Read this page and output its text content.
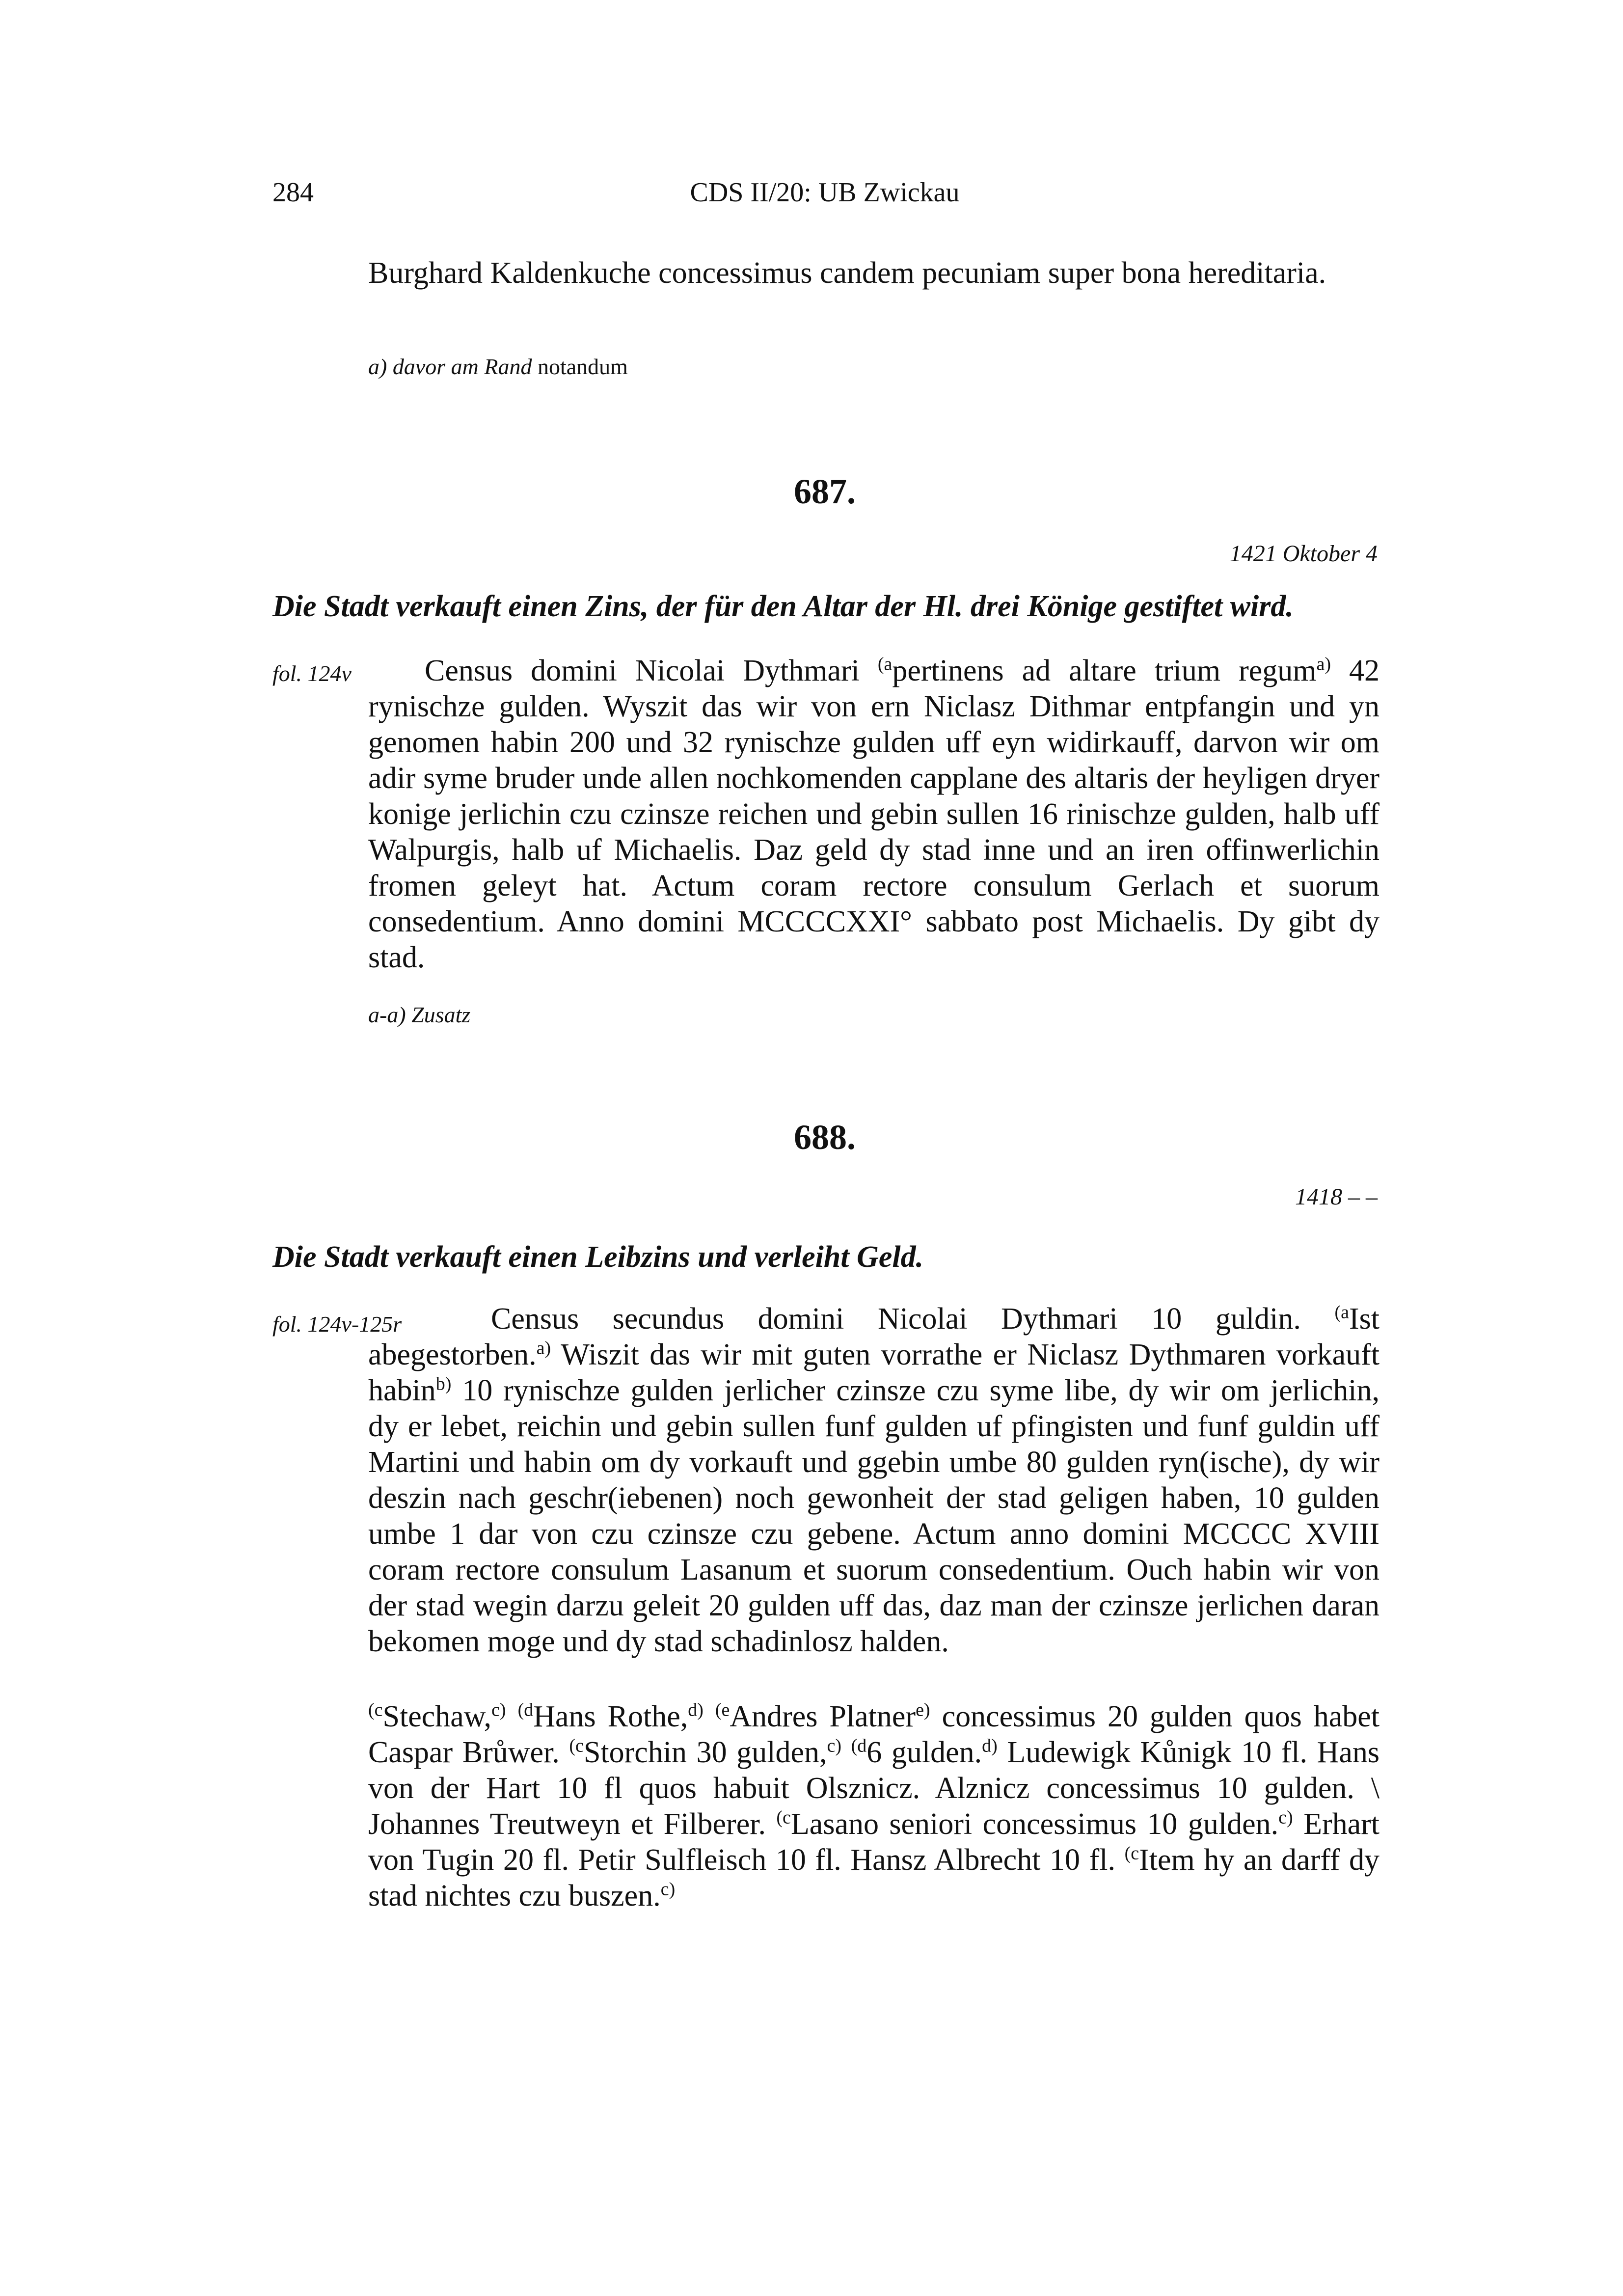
284	CDS II/20: UB Zwickau
Burghard Kaldenkuche concessimus candem pecuniam super bona hereditaria.
a) davor am Rand notandum
687.
1421 Oktober 4
Die Stadt verkauft einen Zins, der für den Altar der Hl. drei Könige gestiftet wird.
fol. 124v	Census domini Nicolai Dythmari $^{(a}$pertinens ad altare trium regum$^{a)}$ 42 rynischze gulden. Wyszit das wir von ern Niclasz Dithmar entpfangin und yn genomen habin 200 und 32 rynischze gulden uff eyn widirkauff, darvon wir om adir syme bruder unde allen nochkomenden capplane des altaris der heyligen dryer konige jerlichin czu czinsze reichen und gebin sullen 16 rinischze gulden, halb uff Walpurgis, halb uf Michaelis. Daz geld dy stad inne und an iren offinwerlichin fromen geleyt hat. Actum coram rectore consulum Gerlach et suorum consedentium. Anno domini MCCCCXXI° sabbato post Michaelis. Dy gibt dy stad.
a-a) Zusatz
688.
1418 – –
Die Stadt verkauft einen Leibzins und verleiht Geld.
fol. 124v-125r	Census secundus domini Nicolai Dythmari 10 guldin. $^{(a}$Ist abegestorben.$^{a)}$ Wiszit das wir mit guten vorrathe er Niclasz Dythmaren vorkauft habin$^{b)}$ 10 rynischze gulden jerlicher czinsze czu syme libe, dy wir om jerlichin, dy er lebet, reichin und gebin sullen funf gulden uf pfingisten und funf guldin uff Martini und habin om dy vorkauft und ggebin umbe 80 gulden ryn(ische), dy wir deszin nach geschr(iebenen) noch gewonheit der stad geligen haben, 10 gulden umbe 1 dar von czu czinsze czu gebene. Actum anno domini MCCCC XVIII coram rectore consulum Lasanum et suorum consedentium. Ouch habin wir von der stad wegin darzu geleit 20 gulden uff das, daz man der czinsze jerlichen daran bekomen moge und dy stad schadinlosz halden.
$^{(c}$Stechaw,$^{c)}$ $^{(d}$Hans Rothe,$^{d)}$ $^{(e}$Andres Platner$^{e)}$ concessimus 20 gulden quos habet Caspar Brůwer. $^{(c}$Storchin 30 gulden,$^{c)}$ $^{(d}$6 gulden.$^{d)}$ Ludewigk Kůnigk 10 fl. Hans von der Hart 10 fl quos habuit Olsznicz. Alznicz concessimus 10 gulden. \ Johannes Treutweyn et Filberer. $^{(c}$Lasano seniori concessimus 10 gulden.$^{c)}$ Erhart von Tugin 20 fl. Petir Sulfleisch 10 fl. Hansz Albrecht 10 fl. $^{(c}$Item hy an darff dy stad nichtes czu buszen.$^{c)}$
